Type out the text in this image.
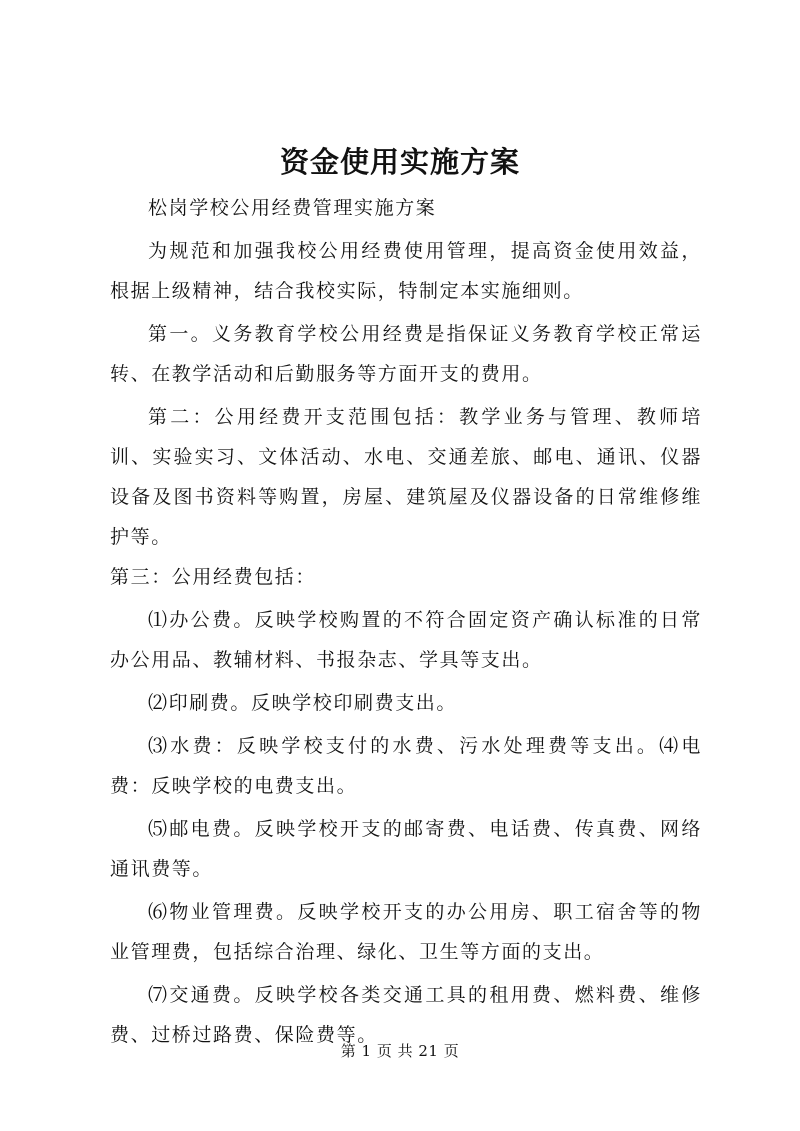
资金使用实施方案

松岗学校公用经费管理实施方案

为规范和加强我校公用经费使用管理，提高资金使用效益，根据上级精神，结合我校实际，特制定本实施细则。

第一。义务教育学校公用经费是指保证义务教育学校正常运转、在教学活动和后勤服务等方面开支的费用。

第二：公用经费开支范围包括：教学业务与管理、教师培训、实验实习、文体活动、水电、交通差旅、邮电、通讯、仪器设备及图书资料等购置，房屋、建筑屋及仪器设备的日常维修维护等。

第三：公用经费包括：

⑴办公费。反映学校购置的不符合固定资产确认标准的日常办公用品、教辅材料、书报杂志、学具等支出。

⑵印刷费。反映学校印刷费支出。

⑶水费：反映学校支付的水费、污水处理费等支出。⑷电费：反映学校的电费支出。

⑸邮电费。反映学校开支的邮寄费、电话费、传真费、网络通讯费等。

⑹物业管理费。反映学校开支的办公用房、职工宿舍等的物业管理费，包括综合治理、绿化、卫生等方面的支出。

⑺交通费。反映学校各类交通工具的租用费、燃料费、维修费、过桥过路费、保险费等。

第 1 页 共 21 页
